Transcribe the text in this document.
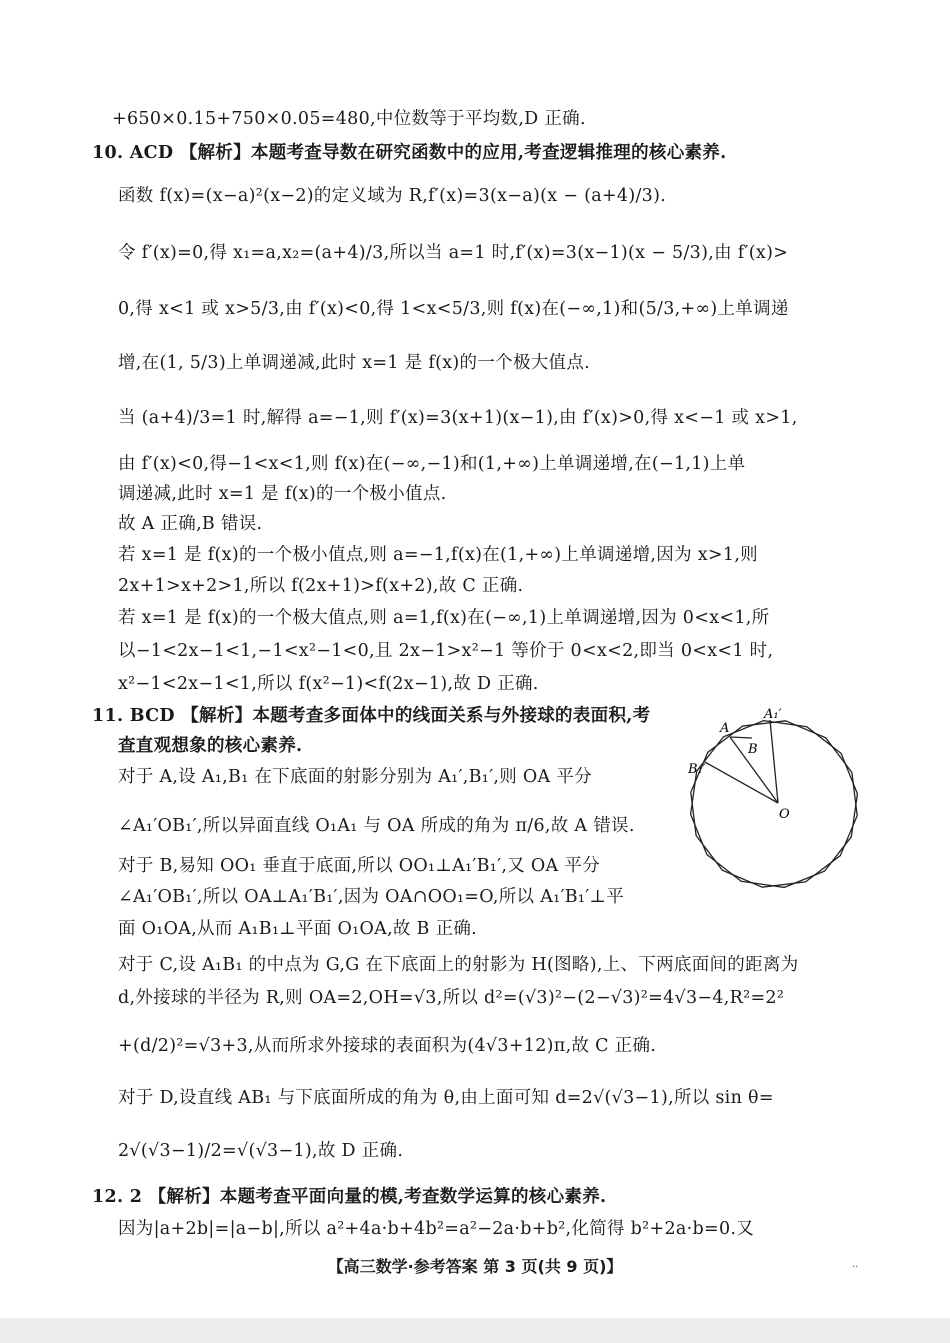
+650×0.15+750×0.05=480,中位数等于平均数,D 正确.
10. ACD 【解析】本题考查导数在研究函数中的应用,考查逻辑推理的核心素养.
函数 f(x)=(x−a)²(x−2)的定义域为 R,f′(x)=3(x−a)(x − (a+4)/3).
令 f′(x)=0,得 x₁=a,x₂=(a+4)/3,所以当 a=1 时,f′(x)=3(x−1)(x − 5/3),由 f′(x)>
0,得 x<1 或 x>5/3,由 f′(x)<0,得 1<x<5/3,则 f(x)在(−∞,1)和(5/3,+∞)上单调递
增,在(1, 5/3)上单调递减,此时 x=1 是 f(x)的一个极大值点.
当 (a+4)/3=1 时,解得 a=−1,则 f′(x)=3(x+1)(x−1),由 f′(x)>0,得 x<−1 或 x>1,
由 f′(x)<0,得−1<x<1,则 f(x)在(−∞,−1)和(1,+∞)上单调递增,在(−1,1)上单
调递减,此时 x=1 是 f(x)的一个极小值点.
故 A 正确,B 错误.
若 x=1 是 f(x)的一个极小值点,则 a=−1,f(x)在(1,+∞)上单调递增,因为 x>1,则
2x+1>x+2>1,所以 f(2x+1)>f(x+2),故 C 正确.
若 x=1 是 f(x)的一个极大值点,则 a=1,f(x)在(−∞,1)上单调递增,因为 0<x<1,所
以−1<2x−1<1,−1<x²−1<0,且 2x−1>x²−1 等价于 0<x<2,即当 0<x<1 时,
x²−1<2x−1<1,所以 f(x²−1)<f(2x−1),故 D 正确.
11. BCD 【解析】本题考查多面体中的线面关系与外接球的表面积,考
查直观想象的核心素养.
对于 A,设 A₁,B₁ 在下底面的射影分别为 A₁′,B₁′,则 OA 平分
∠A₁′OB₁′,所以异面直线 O₁A₁ 与 OA 所成的角为 π/6,故 A 错误.
对于 B,易知 OO₁ 垂直于底面,所以 OO₁⊥A₁′B₁′,又 OA 平分
∠A₁′OB₁′,所以 OA⊥A₁′B₁′,因为 OA∩OO₁=O,所以 A₁′B₁′⊥平
面 O₁OA,从而 A₁B₁⊥平面 O₁OA,故 B 正确.
对于 C,设 A₁B₁ 的中点为 G,G 在下底面上的射影为 H(图略),上、下两底面间的距离为
d,外接球的半径为 R,则 OA=2,OH=√3,所以 d²=(√3)²−(2−√3)²=4√3−4,R²=2²
+(d/2)²=√3+3,从而所求外接球的表面积为(4√3+12)π,故 C 正确.
对于 D,设直线 AB₁ 与下底面所成的角为 θ,由上面可知 d=2√(√3−1),所以 sin θ=
2√(√3−1)/2=√(√3−1),故 D 正确.
12. 2 【解析】本题考查平面向量的模,考查数学运算的核心素养.
因为|a+2b|=|a−b|,所以 a²+4a·b+4b²=a²−2a·b+b²,化简得 b²+2a·b=0.又
A
A₁′
B
B₁′
O
【高三数学·参考答案 第 3 页(共 9 页)】	··
